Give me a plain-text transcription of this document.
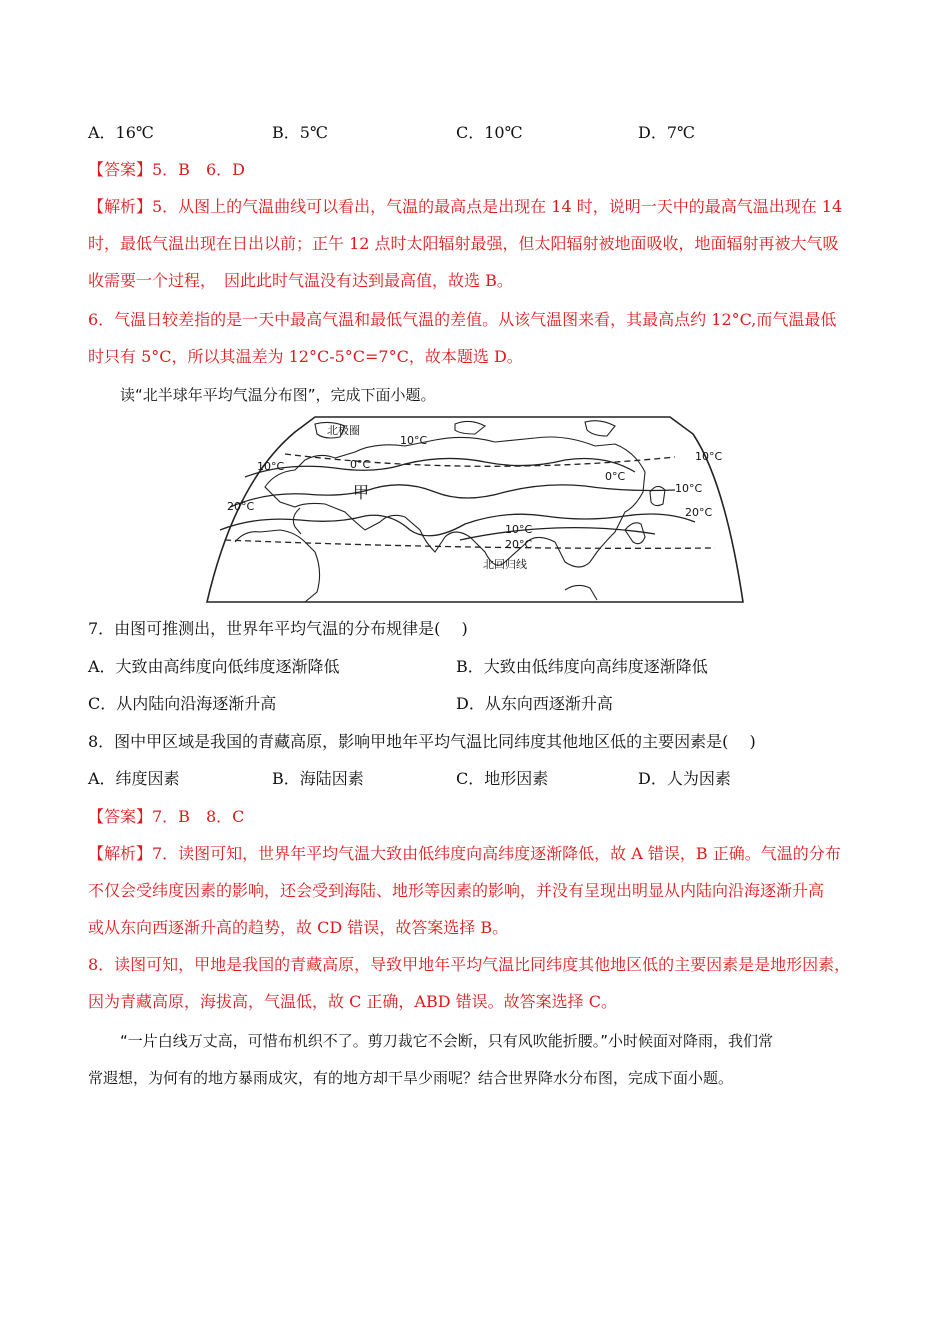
A．16℃	B．5℃	C．10℃	D．7℃
【答案】5．B　6．D
【解析】5．从图上的气温曲线可以看出，气温的最高点是出现在 14 时，说明一天中的最高气温出现在 14
时，最低气温出现在日出以前；正午 12 点时太阳辐射最强，但太阳辐射被地面吸收，地面辐射再被大气吸
收需要一个过程，　因此此时气温没有达到最高值，故选 B。
6．气温日较差指的是一天中最高气温和最低气温的差值。从该气温图来看，其最高点约 12°C,而气温最低
时只有 5°C，所以其温差为 12°C-5°C=7°C，故本题选 D。
读“北半球年平均气温分布图”，完成下面小题。
北极圈
10°C
0°C
10°C
20°C
10°C
20°C
0°C
10°C
20°C
10°C
北回归线
甲
7．由图可推测出，世界年平均气温的分布规律是(　 )
A．大致由高纬度向低纬度逐渐降低	B．大致由低纬度向高纬度逐渐降低
C．从内陆向沿海逐渐升高	D．从东向西逐渐升高
8．图中甲区域是我国的青藏高原，影响甲地年平均气温比同纬度其他地区低的主要因素是(　 )
A．纬度因素	B．海陆因素	C．地形因素	D．人为因素
【答案】7．B　8．C
【解析】7．读图可知，世界年平均气温大致由低纬度向高纬度逐渐降低，故 A 错误，B 正确。气温的分布
不仅会受纬度因素的影响，还会受到海陆、地形等因素的影响，并没有呈现出明显从内陆向沿海逐渐升高
或从东向西逐渐升高的趋势，故 CD 错误，故答案选择 B。
8．读图可知，甲地是我国的青藏高原，导致甲地年平均气温比同纬度其他地区低的主要因素是是地形因素，
因为青藏高原，海拔高，气温低，故 C 正确，ABD 错误。故答案选择 C。
“一片白线万丈高，可惜布机织不了。剪刀裁它不会断，只有风吹能折腰。”小时候面对降雨，我们常
常遐想，为何有的地方暴雨成灾，有的地方却干旱少雨呢？结合世界降水分布图，完成下面小题。
